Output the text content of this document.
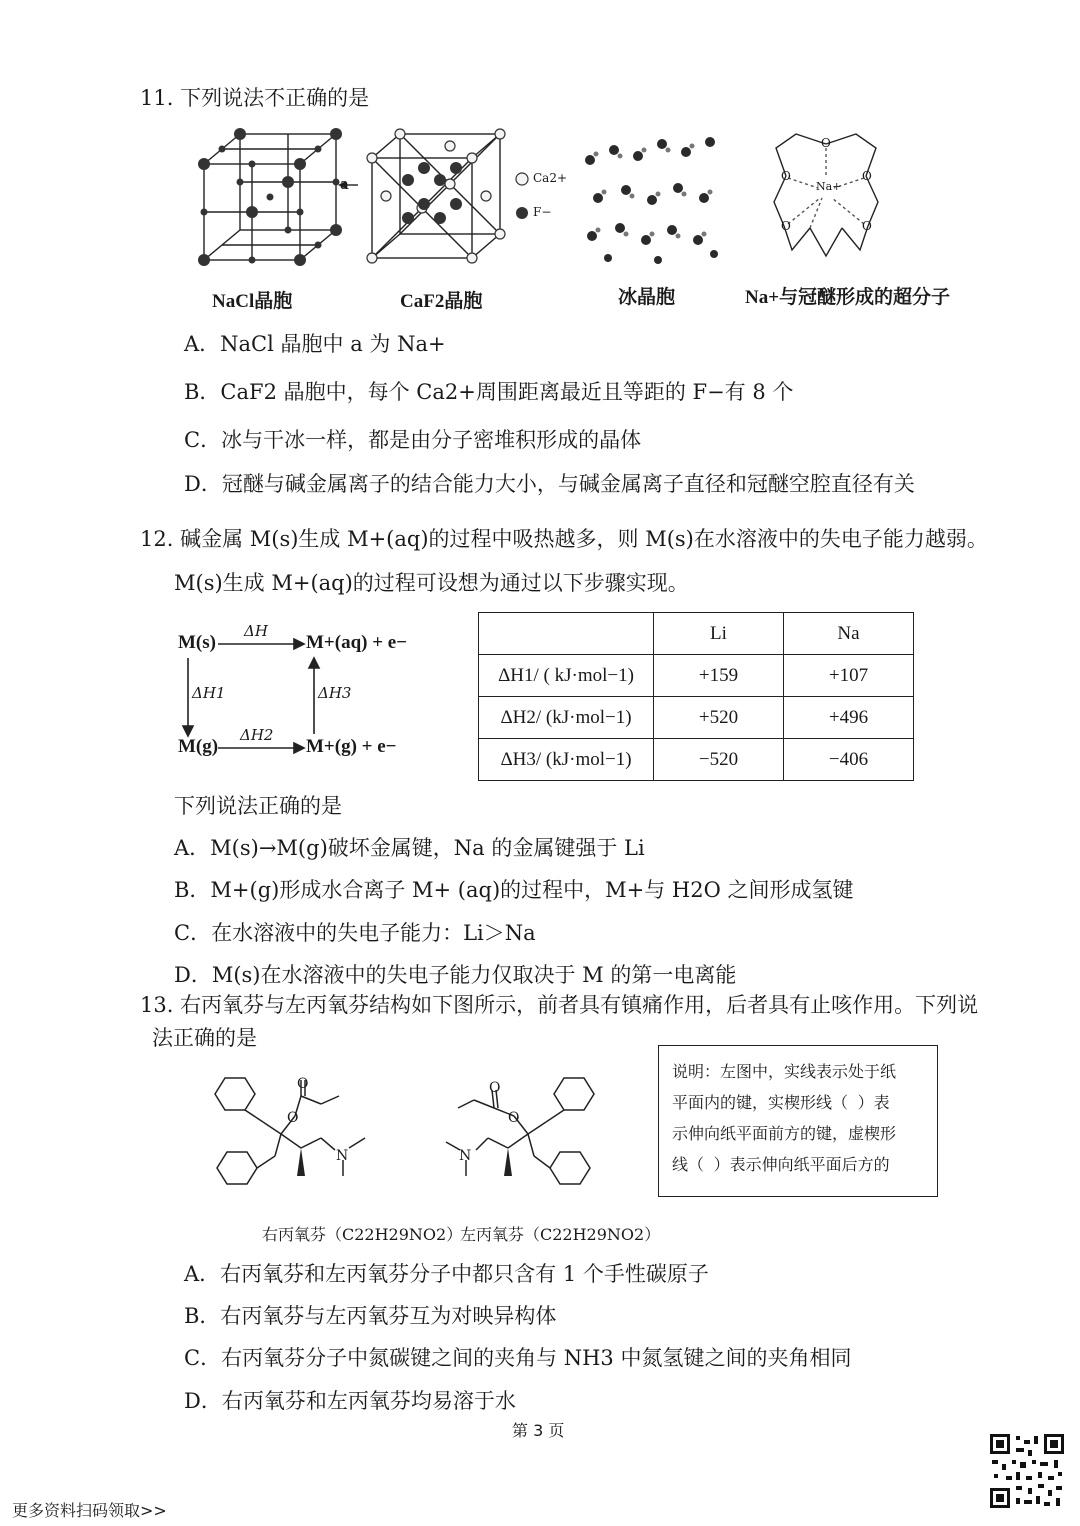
11. 下列说法不正确的是
a	Ca2+
F−
O
O	O
O	O
Na+
NaCl晶胞	CaF2晶胞	冰晶胞	Na+与冠醚形成的超分子
A．NaCl 晶胞中 a 为 Na+
B．CaF2 晶胞中，每个 Ca2+周围距离最近且等距的 F−有 8 个
C．冰与干冰一样，都是由分子密堆积形成的晶体
D．冠醚与碱金属离子的结合能力大小，与碱金属离子直径和冠醚空腔直径有关
12. 碱金属 M(s)生成 M+(aq)的过程中吸热越多，则 M(s)在水溶液中的失电子能力越弱。
M(s)生成 M+(aq)的过程可设想为通过以下步骤实现。
M(s)	M+(aq) + e−
M(g)	M+(g) + e−
ΔH
ΔH2
ΔH1	ΔH3
	Li	Na
ΔH1/ ( kJ·mol−1)	+159	+107
ΔH2/ (kJ·mol−1)	+520	+496
ΔH3/ (kJ·mol−1)	−520	−406
下列说法正确的是
A．M(s)→M(g)破坏金属键，Na 的金属键强于 Li
B．M+(g)形成水合离子 M+ (aq)的过程中，M+与 H2O 之间形成氢键
C．在水溶液中的失电子能力：Li＞Na
D．M(s)在水溶液中的失电子能力仅取决于 M 的第一电离能
13. 右丙氧芬与左丙氧芬结构如下图所示，前者具有镇痛作用，后者具有止咳作用。下列说
法正确的是
O
O
N
O
O
N
说明：左图中，实线表示处于纸
平面内的键，实楔形线（ ）表
示伸向纸平面前方的键，虚楔形
线（ ）表示伸向纸平面后方的
右丙氧芬（C22H29NO2）
左丙氧芬（C22H29NO2）
A．右丙氧芬和左丙氧芬分子中都只含有 1 个手性碳原子
B．右丙氧芬与左丙氧芬互为对映异构体
C．右丙氧芬分子中氮碳键之间的夹角与 NH3 中氮氢键之间的夹角相同
D．右丙氧芬和左丙氧芬均易溶于水
第 3 页
更多资料扫码领取>>
